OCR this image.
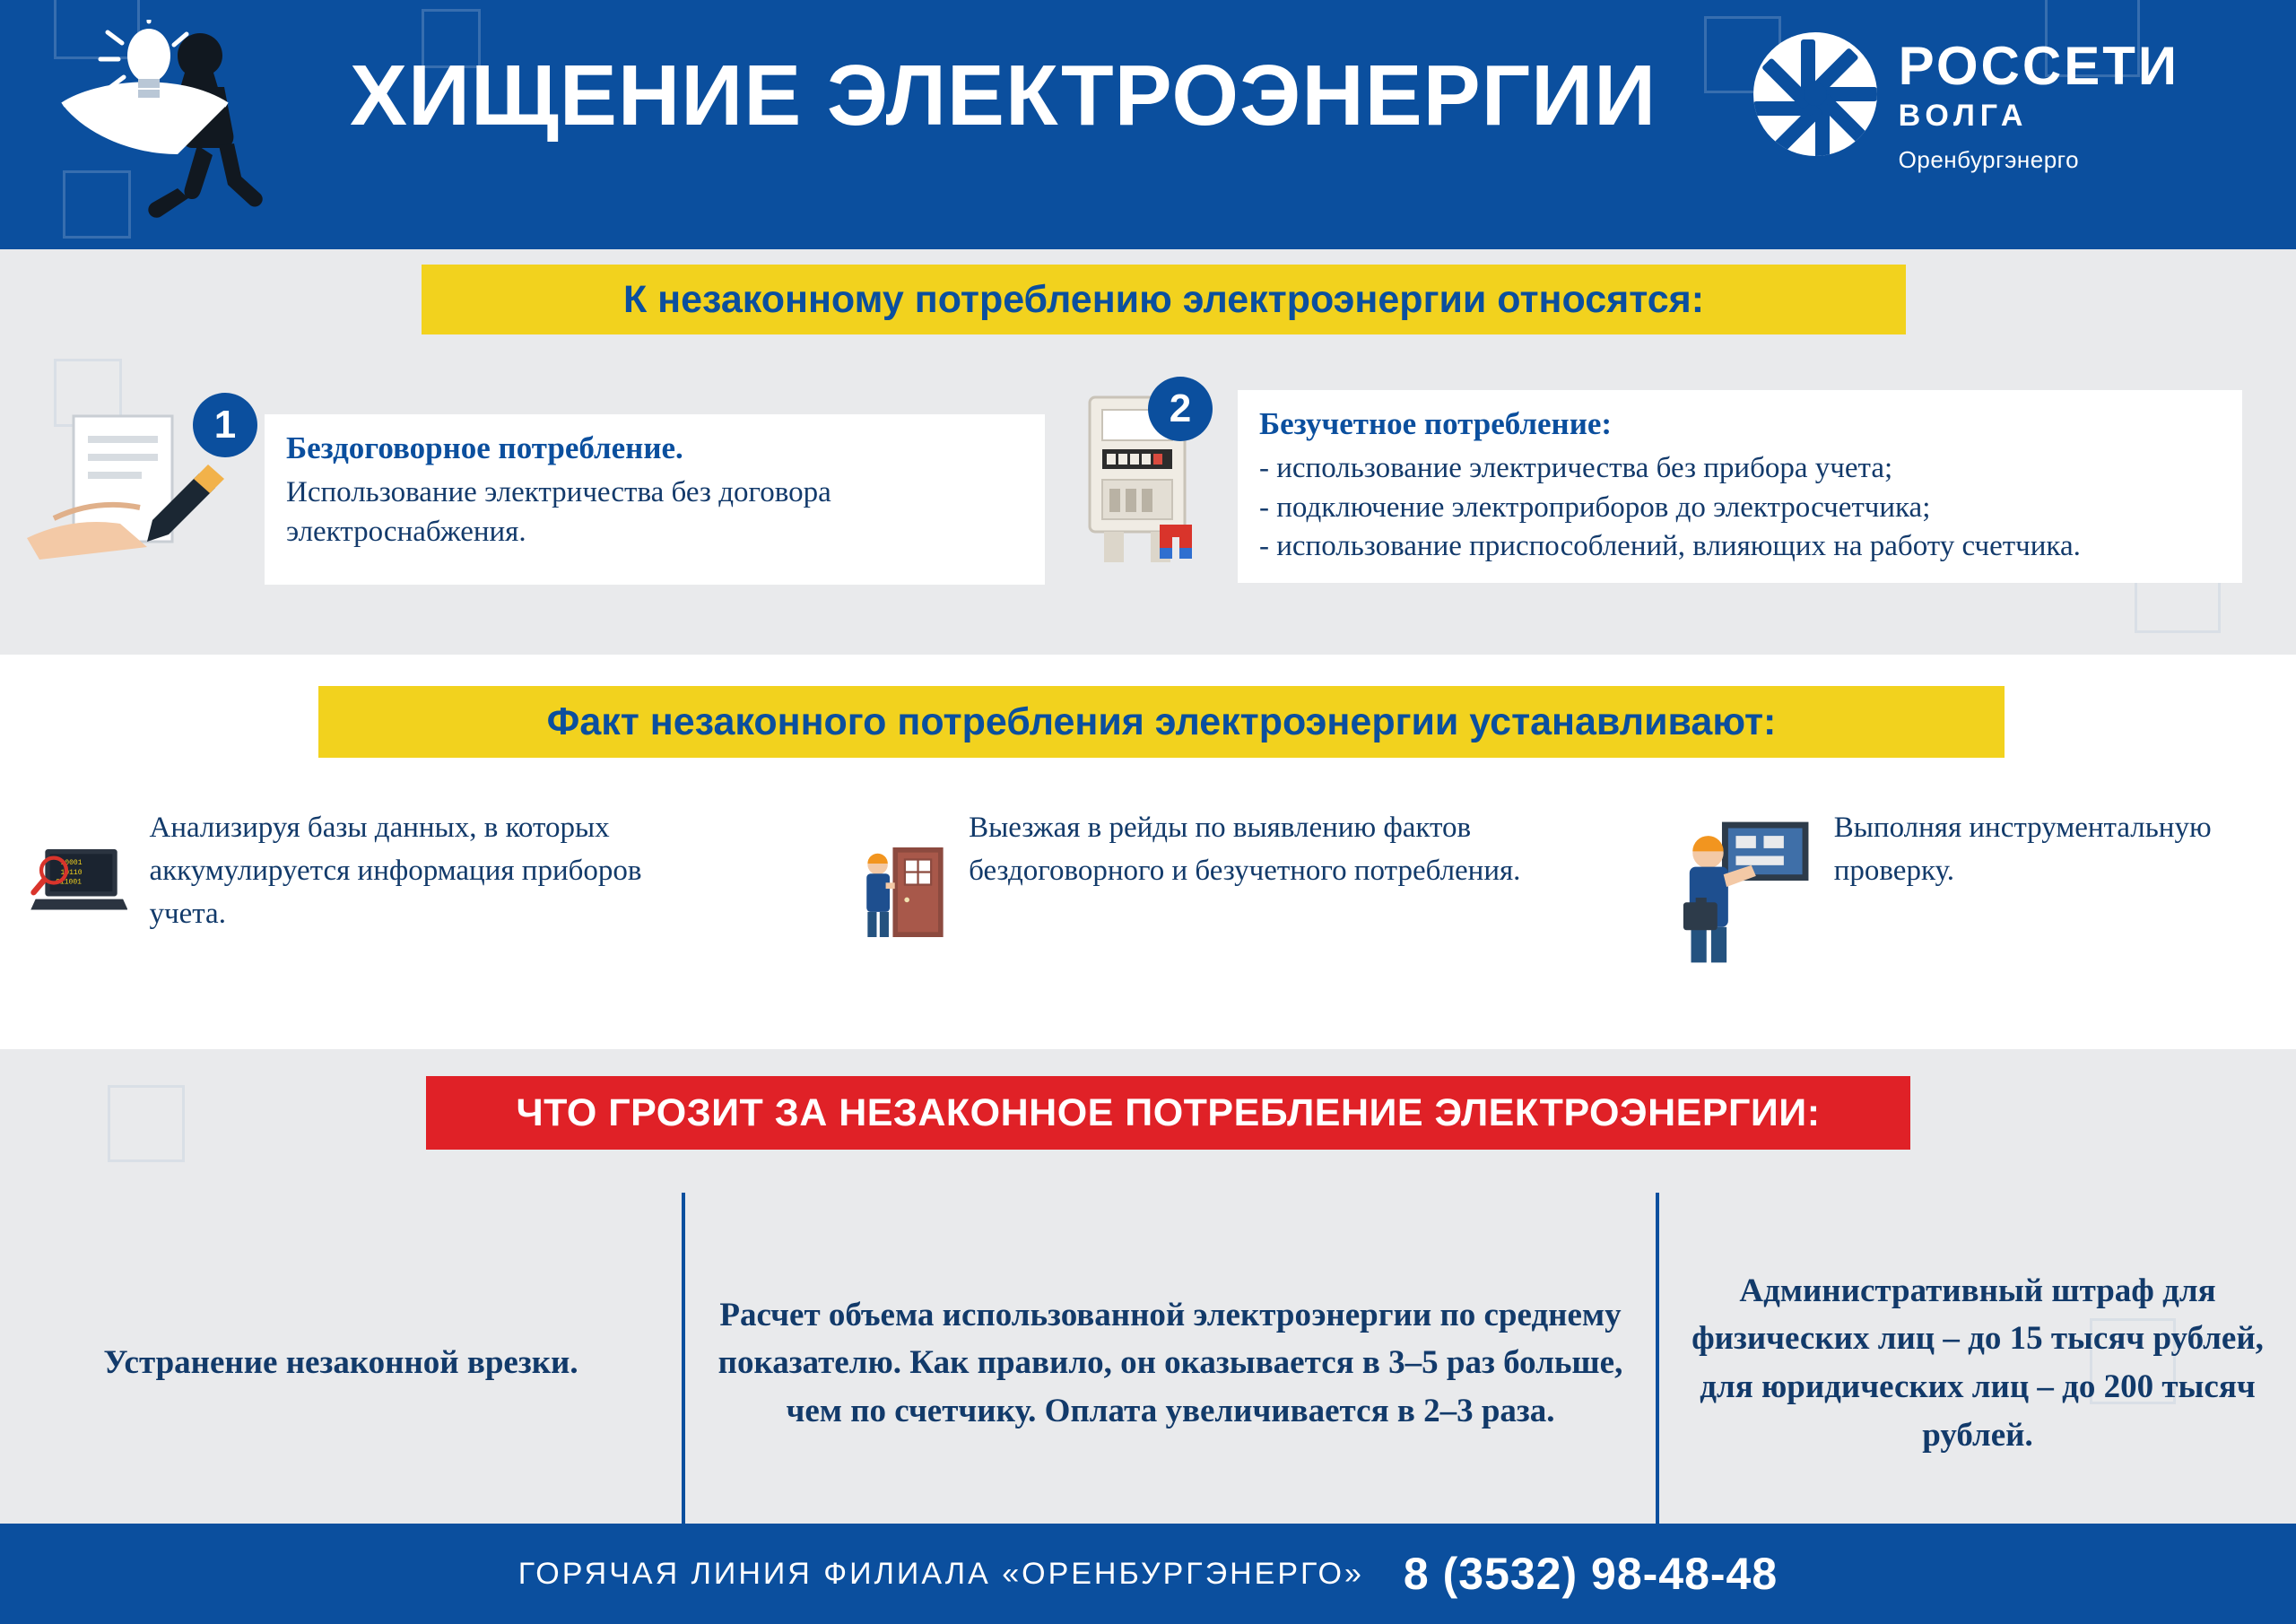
ХИЩЕНИЕ ЭЛЕКТРОЭНЕРГИИ	РОССЕТИ
ВОЛГА
Оренбургэнерго
К незаконному потреблению электроэнергии относятся:
1
Бездоговорное потребление.
Использование электричества без договора электроснабжения.
2	Безучетное потребление:
- использование электричества без прибора учета;
- подключение электроприборов до электросчетчика;
- использование приспособлений, влияющих на работу счетчика.
10001
10110
011001
Анализируя базы данных, в которых аккумулируется информация приборов учета.
Выезжая в рейды по выявлению фактов бездоговорного и безучетного потребления.
Выполняя инструментальную проверку.
Факт незаконного потребления электроэнергии устанавливают:
ЧТО ГРОЗИТ ЗА НЕЗАКОННОЕ ПОТРЕБЛЕНИЕ ЭЛЕКТРОЭНЕРГИИ:
Устранение незаконной врезки.
Расчет объема использованной электроэнергии по среднему показателю. Как правило, он оказывается в 3–5 раз больше, чем по счетчику. Оплата увеличивается в 2–3 раза.
Административный штраф для физических лиц – до 15 тысяч рублей, для юридических лиц – до 200 тысяч рублей.
ГОРЯЧАЯ ЛИНИЯ ФИЛИАЛА «ОРЕНБУРГЭНЕРГО» 8 (3532) 98-48-48
